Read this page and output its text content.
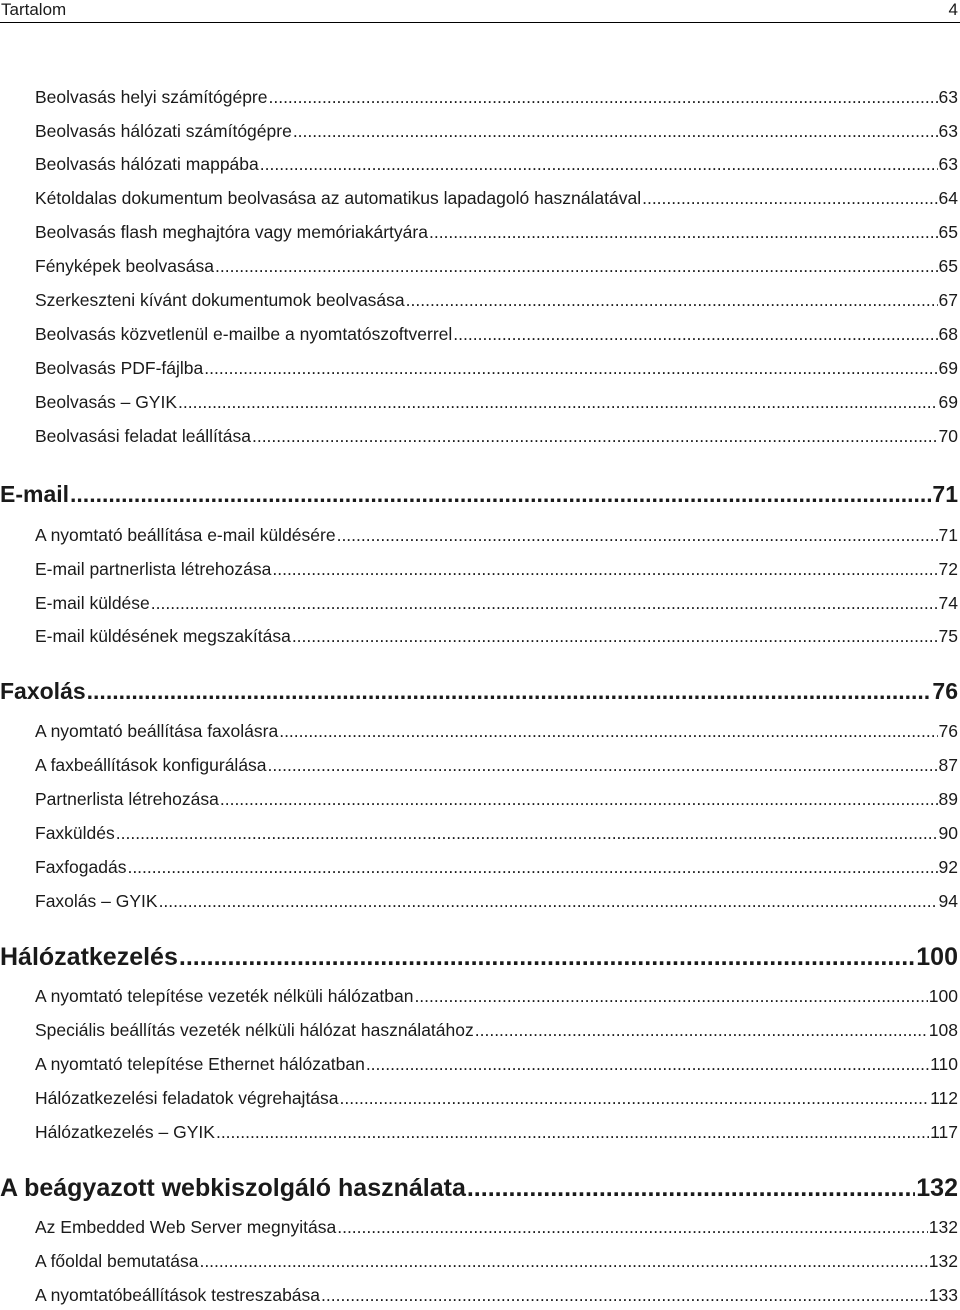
Tartalom	4
Beolvasás helyi számítógépre .....	63
Beolvasás hálózati számítógépre .....	63
Beolvasás hálózati mappába .....	63
Kétoldalas dokumentum beolvasása az automatikus lapadagoló használatával .....	64
Beolvasás flash meghajtóra vagy memóriakártyára .....	65
Fényképek beolvasása .....	65
Szerkeszteni kívánt dokumentumok beolvasása .....	67
Beolvasás közvetlenül e-mailbe a nyomtatószoftverrel .....	68
Beolvasás PDF-fájlba .....	69
Beolvasás – GYIK .....	69
Beolvasási feladat leállítása .....	70
E-mail .....	71
A nyomtató beállítása e-mail küldésére .....	71
E-mail partnerlista létrehozása .....	72
E-mail küldése .....	74
E-mail küldésének megszakítása .....	75
Faxolás .....	76
A nyomtató beállítása faxolásra .....	76
A faxbeállítások konfigurálása .....	87
Partnerlista létrehozása .....	89
Faxküldés .....	90
Faxfogadás .....	92
Faxolás – GYIK .....	94
Hálózatkezelés .....	100
A nyomtató telepítése vezeték nélküli hálózatban .....	100
Speciális beállítás vezeték nélküli hálózat használatához .....	108
A nyomtató telepítése Ethernet hálózatban .....	110
Hálózatkezelési feladatok végrehajtása .....	112
Hálózatkezelés – GYIK .....	117
A beágyazott webkiszolgáló használata .....	132
Az Embedded Web Server megnyitása .....	132
A főoldal bemutatása .....	132
A nyomtatóbeállítások testreszabása .....	133
